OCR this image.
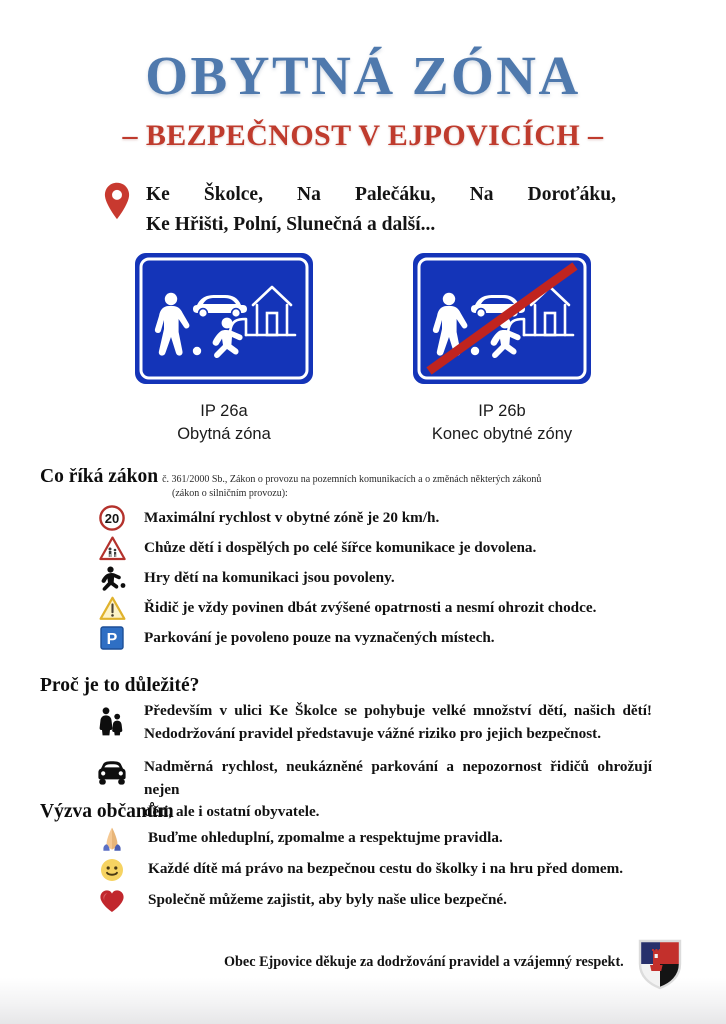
OBYTNÁ ZÓNA
– BEZPEČNOST V EJPOVICÍCH –
Ke Školce, Na Palečáku, Na Doroťáku,
Ke Hřišti, Polní, Slunečná a další...
IP 26a
Obytná zóna
IP 26b
Konec obytné zóny
Co říká zákon č. 361/2000 Sb., Zákon o provozu na pozemních komunikacích a o změnách některých zákonů
(zákon o silničním provozu):
20	Maximální rychlost v obytné zóně je 20 km/h.
Chůze dětí i dospělých po celé šířce komunikace je dovolena.
Hry dětí na komunikaci jsou povoleny.
Řidič je vždy povinen dbát zvýšené opatrnosti a nesmí ohrozit chodce.
P	Parkování je povoleno pouze na vyznačených místech.
Proč je to důležité?
Především v ulici Ke Školce se pohybuje velké množství dětí, našich dětí!
Nedodržování pravidel představuje vážné riziko pro jejich bezpečnost.
Nadměrná rychlost, neukázněné parkování a nepozornost řidičů ohrožují nejen
děti, ale i ostatní obyvatele.
Výzva občanům
Buďme ohleduplní, zpomalme a respektujme pravidla.
Každé dítě má právo na bezpečnou cestu do školky i na hru před domem.
Společně můžeme zajistit, aby byly naše ulice bezpečné.
Obec Ejpovice děkuje za dodržování pravidel a vzájemný respekt.
